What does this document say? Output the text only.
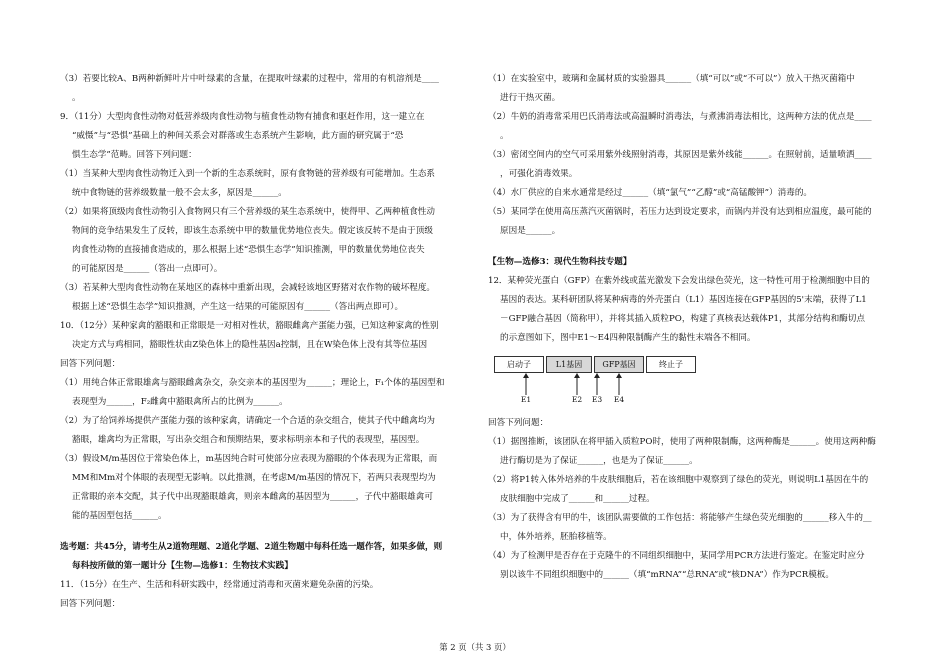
（3）若要比较A、B两种新鲜叶片中叶绿素的含量，在提取叶绿素的过程中，常用的有机溶剂是____

。

9．（11分）大型肉食性动物对低营养级肉食性动物与植食性动物有捕食和驱赶作用，这一建立在

“威慑”与“恐惧”基础上的种间关系会对群落或生态系统产生影响，此方面的研究属于“恐

惧生态学”范畴。回答下列问题：

（1）当某种大型肉食性动物迁入到一个新的生态系统时，原有食物链的营养级有可能增加。生态系

统中食物链的营养级数量一般不会太多，原因是______。

（2）如果将顶级肉食性动物引入食物网只有三个营养级的某生态系统中，使得甲、乙两种植食性动

物间的竞争结果发生了反转，即该生态系统中甲的数量优势地位丧失。假定该反转不是由于顶级

肉食性动物的直接捕食造成的，那么根据上述“恐惧生态学”知识推测，甲的数量优势地位丧失

的可能原因是______（答出一点即可）。

（3）若某种大型肉食性动物在某地区的森林中重新出现，会减轻该地区野猪对农作物的破坏程度。

根据上述“恐惧生态学”知识推测，产生这一结果的可能原因有______（答出两点即可）。

10．（12分）某种家禽的豁眼和正常眼是一对相对性状，豁眼雌禽产蛋能力强，已知这种家禽的性别

决定方式与鸡相同，豁眼性状由Z染色体上的隐性基因a控制，且在W染色体上没有其等位基因

回答下列问题：

（1）用纯合体正常眼雄禽与豁眼雌禽杂交，杂交亲本的基因型为______；理论上，F₁个体的基因型和

表现型为______，F₂雌禽中豁眼禽所占的比例为______。

（2）为了给饲养场提供产蛋能力强的该种家禽，请确定一个合适的杂交组合，使其子代中雌禽均为

豁眼，雄禽均为正常眼，写出杂交组合和预期结果，要求标明亲本和子代的表现型，基因型。

（3）假设M/m基因位于常染色体上，m基因纯合时可使部分应表现为豁眼的个体表现为正常眼，而

MM和Mm对个体眼的表现型无影响。以此推测，在考虑M/m基因的情况下，若两只表现型均为

正常眼的亲本交配，其子代中出现豁眼雄禽，则亲本雌禽的基因型为______，子代中豁眼雄禽可

能的基因型包括______。

选考题：共45分，请考生从2道物理题、2道化学题、2道生物题中每科任选一题作答，如果多做，则

每科按所做的第一题计分【生物—选修1：生物技术实践】

11．（15分）在生产、生活和科研实践中，经常通过消毒和灭菌来避免杂菌的污染。

回答下列问题：

（1）在实验室中，玻璃和金属材质的实验器具______（填“可以”或“不可以”）放入干热灭菌箱中

进行干热灭菌。

（2）牛奶的消毒常采用巴氏消毒法或高温瞬时消毒法，与煮沸消毒法相比，这两种方法的优点是____

。

（3）密闭空间内的空气可采用紫外线照射消毒，其原因是紫外线能______。在照射前，适量喷洒____

，可强化消毒效果。

（4）水厂供应的自来水通常是经过______（填“氯气”“乙醇”或“高锰酸钾”）消毒的。

（5）某同学在使用高压蒸汽灭菌锅时，若压力达到设定要求，而锅内并没有达到相应温度，最可能的

原因是______。

【生物—选修3：现代生物科技专题】

12．某种荧光蛋白（GFP）在紫外线或蓝光激发下会发出绿色荧光，这一特性可用于检测细胞中目的

基因的表达。某科研团队将某种病毒的外壳蛋白（L1）基因连接在GFP基因的5'末端，获得了L1

－GFP融合基因（简称甲），并将其插入质粒PO，构建了真核表达载体P1，其部分结构和酶切点

的示意图如下，图中E1～E4四种限制酶产生的黏性末端各不相同。

启动子	L1基因	GFP基因	终止子
E1	E2	E3	E4

回答下列问题：

（1）据图推断，该团队在将甲插入质粒PO时，使用了两种限制酶，这两种酶是______。使用这两种酶

进行酶切是为了保证______，也是为了保证______。

（2）将P1转入体外培养的牛皮肤细胞后，若在该细胞中观察到了绿色的荧光，则说明L1基因在牛的

皮肤细胞中完成了______和______过程。

（3）为了获得含有甲的牛，该团队需要做的工作包括：将能够产生绿色荧光细胞的______移入牛的__

中，体外培养，胚胎移植等。

（4）为了检测甲是否存在于克隆牛的不同组织细胞中，某同学用PCR方法进行鉴定。在鉴定时应分

别以该牛不同组织细胞中的______（填“mRNA”“总RNA”或“核DNA”）作为PCR模板。

第 2 页（共 3 页）
